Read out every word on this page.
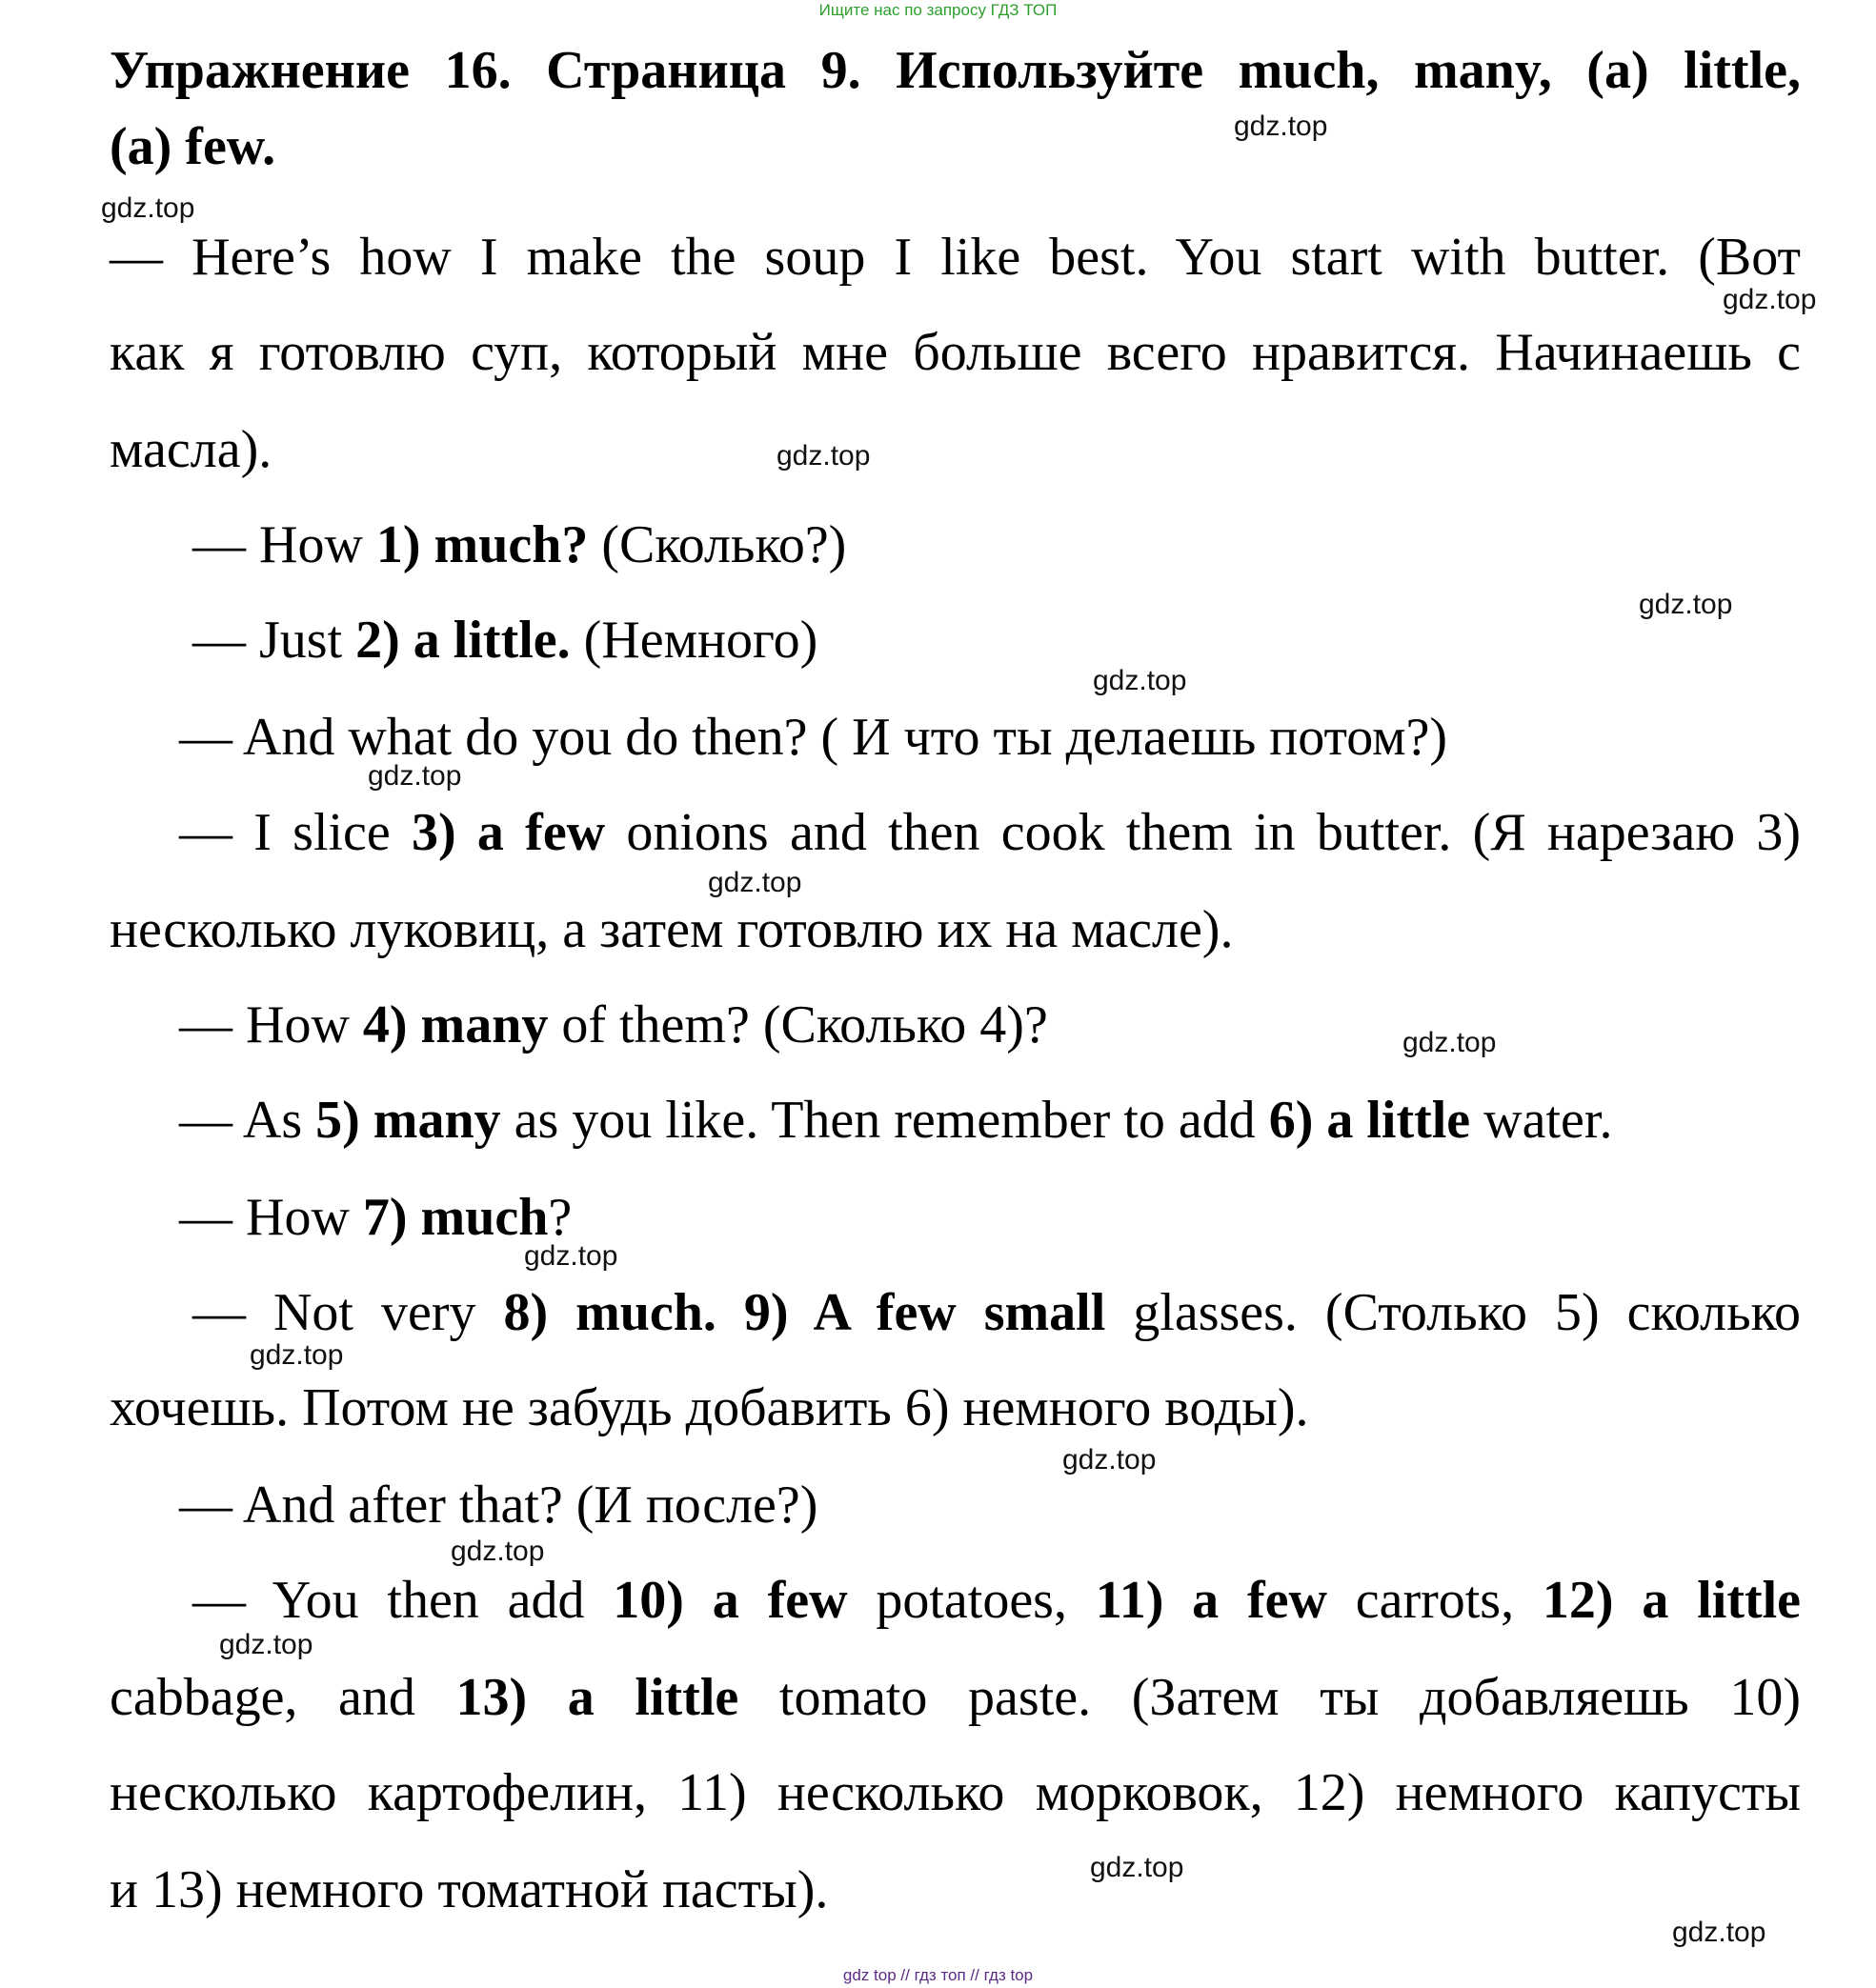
Ищите нас по запросу ГДЗ ТОП
Упражнение 16. Страница 9. Используйте much, many, (a) little,
(a) few.
— Here’s how I make the soup I like best. You start with butter. (Вот
как я готовлю суп, который мне больше всего нравится. Начинаешь с
масла).
— How 1) much? (Сколько?)
— Just 2) a little. (Немного)
— And what do you do then? ( И что ты делаешь потом?)
— I slice 3) a few onions and then cook them in butter. (Я нарезаю 3)
несколько луковиц, а затем готовлю их на масле).
— How 4) many of them? (Сколько 4)?
— As 5) many as you like. Then remember to add 6) a little water.
— How 7) much?
— Not very 8) much. 9) A few small glasses. (Столько 5) сколько
хочешь. Потом не забудь добавить 6) немного воды).
— And after that? (И после?)
— You then add 10) a few potatoes, 11) a few carrots, 12) a little
cabbage, and 13) a little tomato paste. (Затем ты добавляешь 10)
несколько картофелин, 11) несколько морковок, 12) немного капусты
и 13) немного томатной пасты).
gdz.top
gdz.top
gdz.top
gdz.top
gdz.top
gdz.top
gdz.top
gdz.top
gdz.top
gdz.top
gdz.top
gdz.top
gdz.top
gdz.top
gdz.top
gdz.top
gdz top // гдз топ // гдз top
